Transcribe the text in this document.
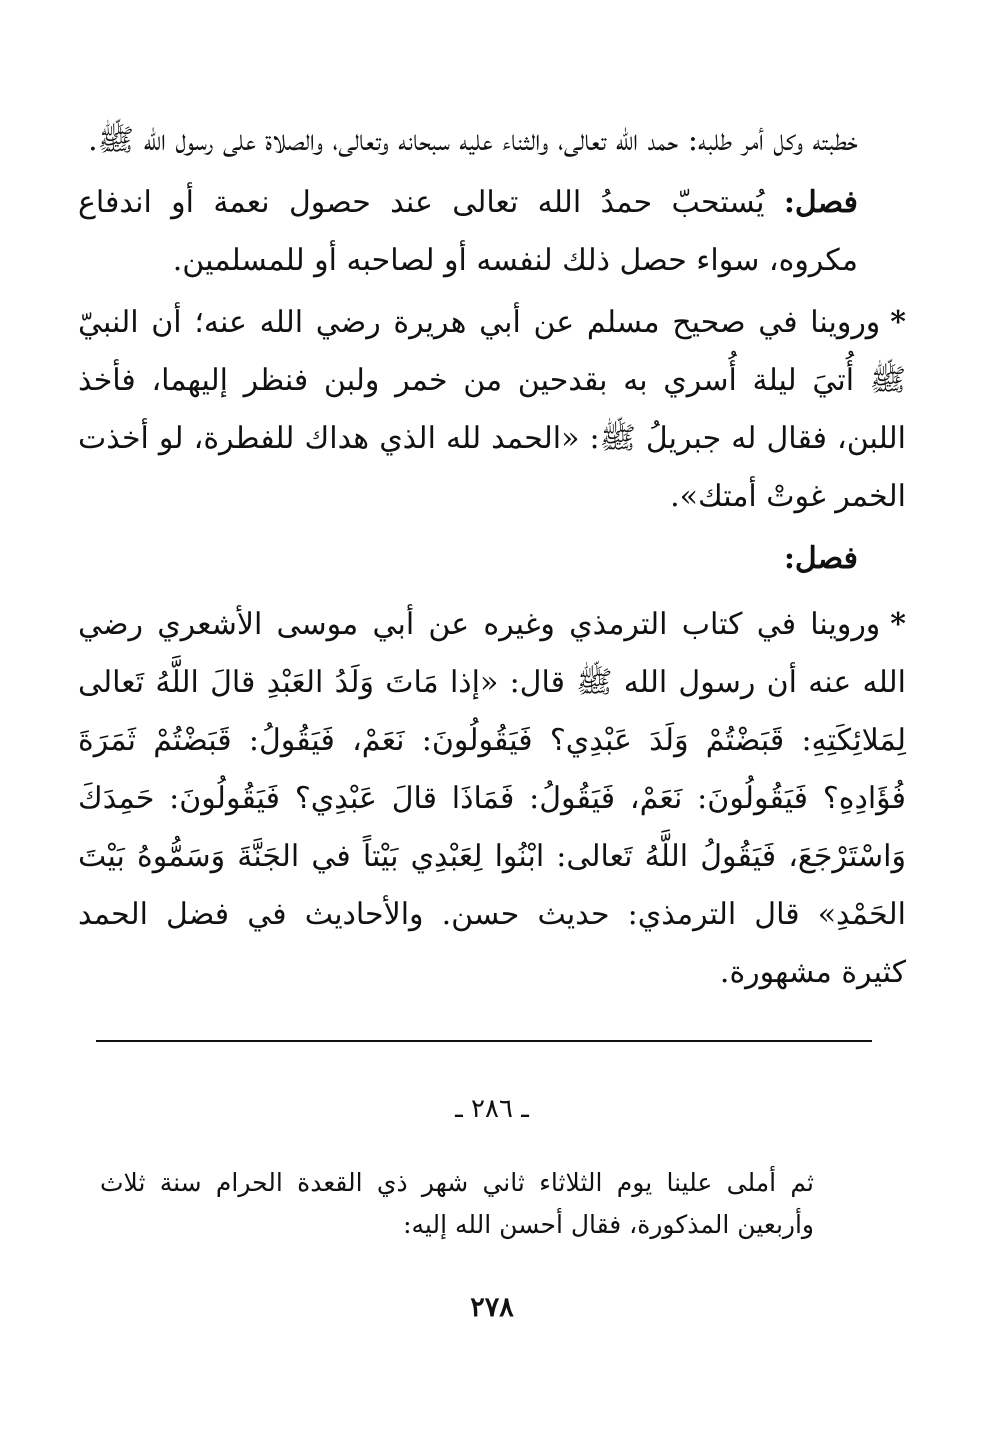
خطبته وكل أمر طلبه: حمد الله تعالى، والثناء عليه سبحانه وتعالى، والصلاة على رسول الله ﷺ.

فصل: يُستحبّ حمدُ الله تعالى عند حصول نعمة أو اندفاع مكروه، سواء حصل ذلك لنفسه أو لصاحبه أو للمسلمين.

*وروينا في صحيح مسلم عن أبي هريرة رضي الله عنه؛ أن النبيّ ﷺ أُتيَ ليلة أُسري به بقدحين من خمر ولبن فنظر إليهما، فأخذ اللبن، فقال له جبريلُ ﷺ: «الحمد لله الذي هداك للفطرة، لو أخذت الخمر غوتْ أمتك».

فصل:

*وروينا في كتاب الترمذي وغيره عن أبي موسى الأشعري رضي الله عنه أن رسول الله ﷺ قال: «إذا مَاتَ وَلَدُ العَبْدِ قالَ اللَّهُ تَعالى لِمَلائِكَتِهِ: قَبَضْتُمْ وَلَدَ عَبْدِي؟ فَيَقُولُونَ: نَعَمْ، فَيَقُولُ: قَبَضْتُمْ ثَمَرَةَ فُؤَادِهِ؟ فَيَقُولُونَ: نَعَمْ، فَيَقُولُ: فَمَاذَا قالَ عَبْدِي؟ فَيَقُولُونَ: حَمِدَكَ وَاسْتَرْجَعَ، فَيَقُولُ اللَّهُ تَعالى: ابْنُوا لِعَبْدِي بَيْتاً في الجَنَّةَ وَسَمُّوهُ بَيْتَ الحَمْدِ» قال الترمذي: حديث حسن. والأحاديث في فضل الحمد كثيرة مشهورة.

ـ ٢٨٦ ـ
ثم أملى علينا يوم الثلاثاء ثاني شهر ذي القعدة الحرام سنة ثلاث وأربعين المذكورة، فقال أحسن الله إليه:
٢٧٨
